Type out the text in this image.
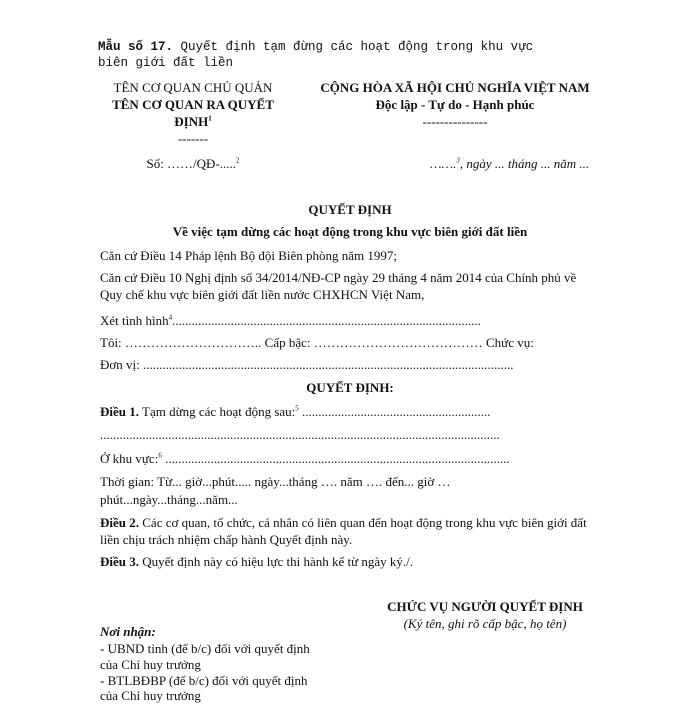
Mẫu số 17. Quyết định tạm đừng các hoạt động trong khu vực
biên giới đất liền
TÊN CƠ QUAN CHỦ QUẢN
TÊN CƠ QUAN RA QUYẾT
ĐỊNH$^1$
-------
Số: ……/QĐ-.....$^2$
CỘNG HÒA XÃ HỘI CHỦ NGHĨA VIỆT NAM
Độc lập - Tự do - Hạnh phúc
---------------
…….$^3$, ngày ... tháng ... năm ...
QUYẾT ĐỊNH
Về việc tạm dừng các hoạt động trong khu vực biên giới đất liền
Căn cứ Điều 14 Pháp lệnh Bộ đội Biên phòng năm 1997;
Căn cứ Điều 10 Nghị định số 34/2014/NĐ-CP ngày 29 tháng 4 năm 2014 của Chính phủ về
Quy chế khu vực biên giới đất liền nước CHXHCN Việt Nam,
Xét tình hình$^4$...............................................................................................
Tôi: ………………………….. Cấp bậc: ………………………………… Chức vụ:
Đơn vị: ..................................................................................................................
QUYẾT ĐỊNH:
Điều 1. Tạm dừng các hoạt động sau:$^5$ ..........................................................
...........................................................................................................................
Ở khu vực:$^6$ ..........................................................................................................
Thời gian: Từ... giờ...phút..... ngày...tháng …. năm …. đến... giờ …
phút...ngày...tháng...năm...
Điều 2. Các cơ quan, tổ chức, cá nhân có liên quan đến hoạt động trong khu vực biên giới đất
liền chịu trách nhiệm chấp hành Quyết định này.
Điều 3. Quyết định này có hiệu lực thi hành kể từ ngày ký./.
CHỨC VỤ NGƯỜI QUYẾT ĐỊNH
(Ký tên, ghi rõ cấp bậc, họ tên)
Nơi nhận:
- UBND tỉnh (để b/c) đối với quyết định
của Chỉ huy trưởng
- BTLBĐBP (để b/c) đối với quyết định
của Chỉ huy trưởng
